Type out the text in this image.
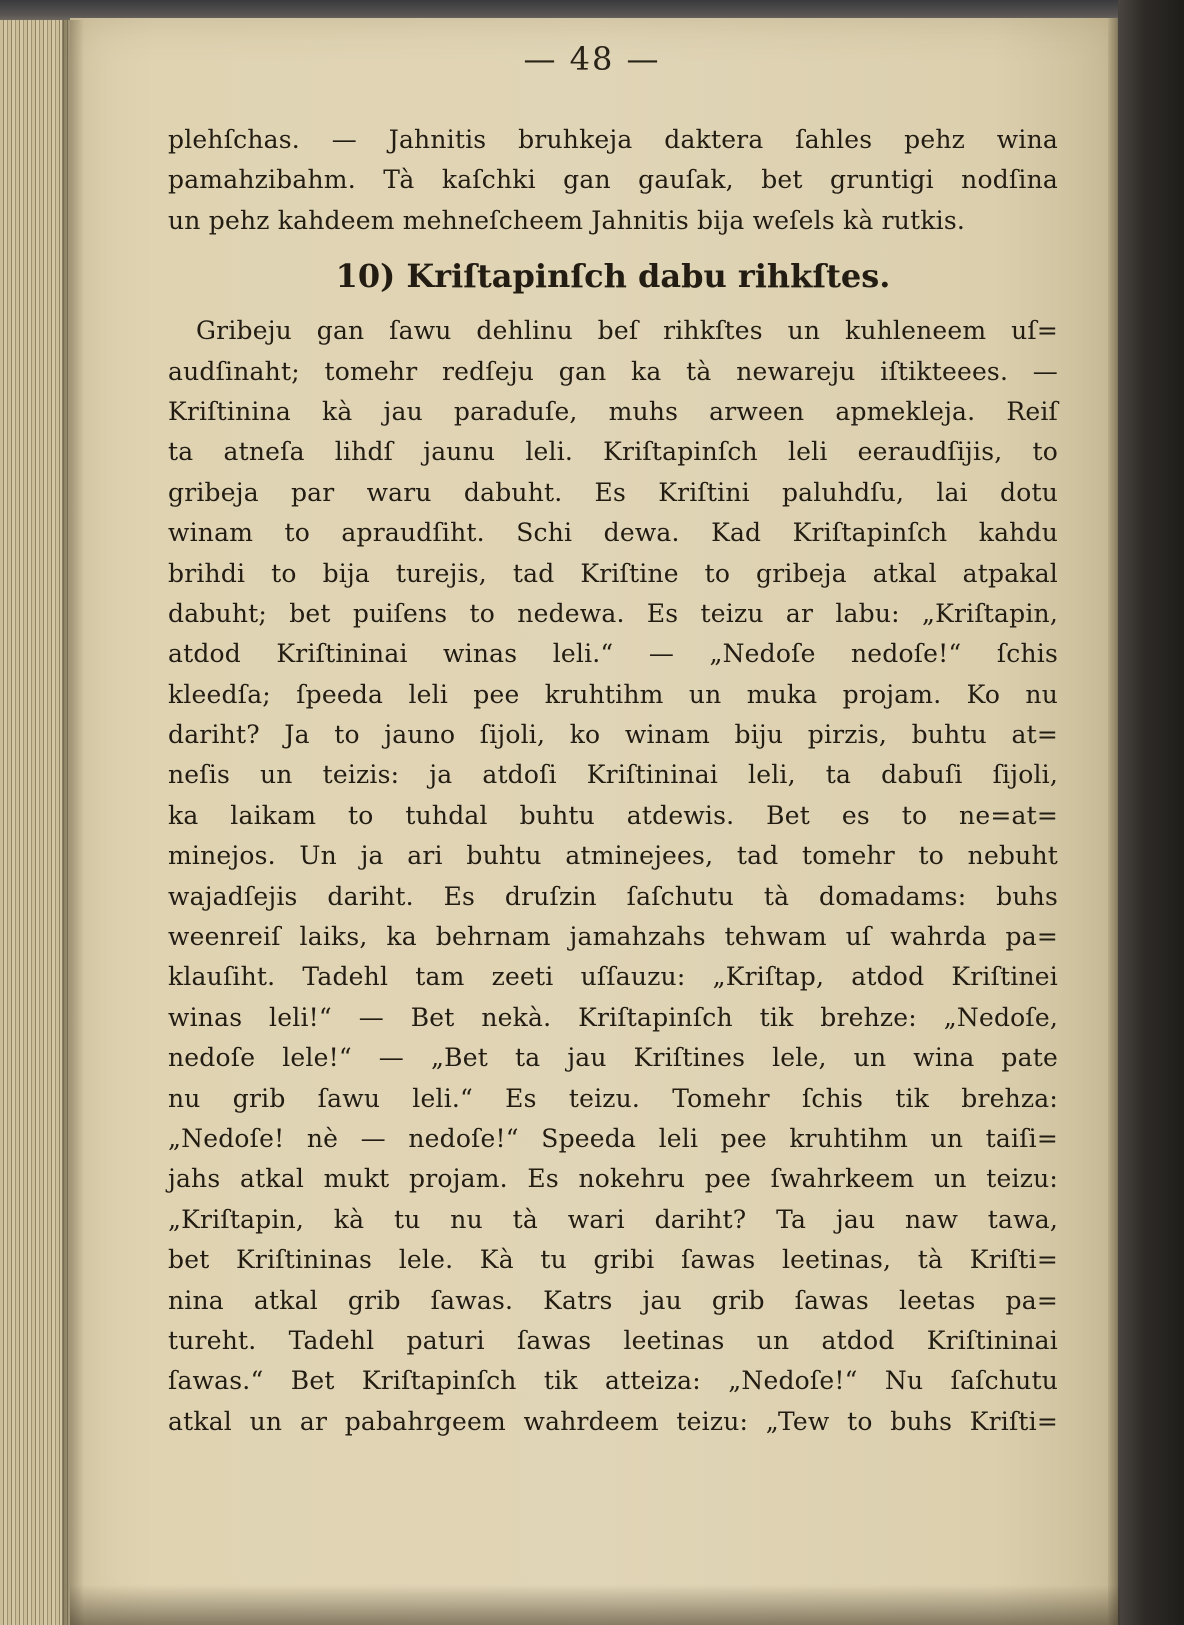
— 48 —
plehſchas. — Jahnitis bruhkeja daktera ſahles pehz wina
pamahzibahm. Tà kaſchki gan gauſak, bet gruntigi nodſina
un pehz kahdeem mehneſcheem Jahnitis bija weſels kà rutkis.
10) Kriſtapinſch dabu rihkſtes.
Gribeju gan ſawu dehlinu beſ rihkſtes un kuhleneem uſ=
audſinaht; tomehr redſeju gan ka tà newareju iſtikteees. —
Kriſtinina kà jau paraduſe, muhs arween apmekleja. Reiſ
ta atneſa lihdſ jaunu leli. Kriſtapinſch leli eeraudſijis, to
gribeja par waru dabuht. Es Kriſtini paluhdſu, lai dotu
winam to apraudſiht. Schi dewa. Kad Kriſtapinſch kahdu
brihdi to bija turejis, tad Kriſtine to gribeja atkal atpakal
dabuht; bet puiſens to nedewa. Es teizu ar labu: „Kriſtapin,
atdod Kriſtininai winas leli.“ — „Nedoſe nedoſe!“ ſchis
kleedſa; ſpeeda leli pee kruhtihm un muka projam. Ko nu
dariht? Ja to jauno ſijoli, ko winam biju pirzis, buhtu at=
neſis un teizis: ja atdoſi Kriſtininai leli, ta dabuſi ſijoli,
ka laikam to tuhdal buhtu atdewis. Bet es to ne=at=
minejos. Un ja ari buhtu atminejees, tad tomehr to nebuht
wajadſejis dariht. Es druſzin ſaſchutu tà domadams: buhs
weenreiſ laiks, ka behrnam jamahzahs tehwam uſ wahrda pa=
klauſiht. Tadehl tam zeeti uſſauzu: „Kriſtap, atdod Kriſtinei
winas leli!“ — Bet nekà. Kriſtapinſch tik brehze: „Nedoſe,
nedoſe lele!“ — „Bet ta jau Kriſtines lele, un wina pate
nu grib ſawu leli.“ Es teizu. Tomehr ſchis tik brehza:
„Nedoſe! nè — nedoſe!“ Speeda leli pee kruhtihm un taiſi=
jahs atkal mukt projam. Es nokehru pee ſwahrkeem un teizu:
„Kriſtapin, kà tu nu tà wari dariht? Ta jau naw tawa,
bet Kriſtininas lele. Kà tu gribi ſawas leetinas, tà Kriſti=
nina atkal grib ſawas. Katrs jau grib ſawas leetas pa=
tureht. Tadehl paturi ſawas leetinas un atdod Kriſtininai
ſawas.“ Bet Kriſtapinſch tik atteiza: „Nedoſe!“ Nu ſaſchutu
atkal un ar pabahrgeem wahrdeem teizu: „Tew to buhs Kriſti=
